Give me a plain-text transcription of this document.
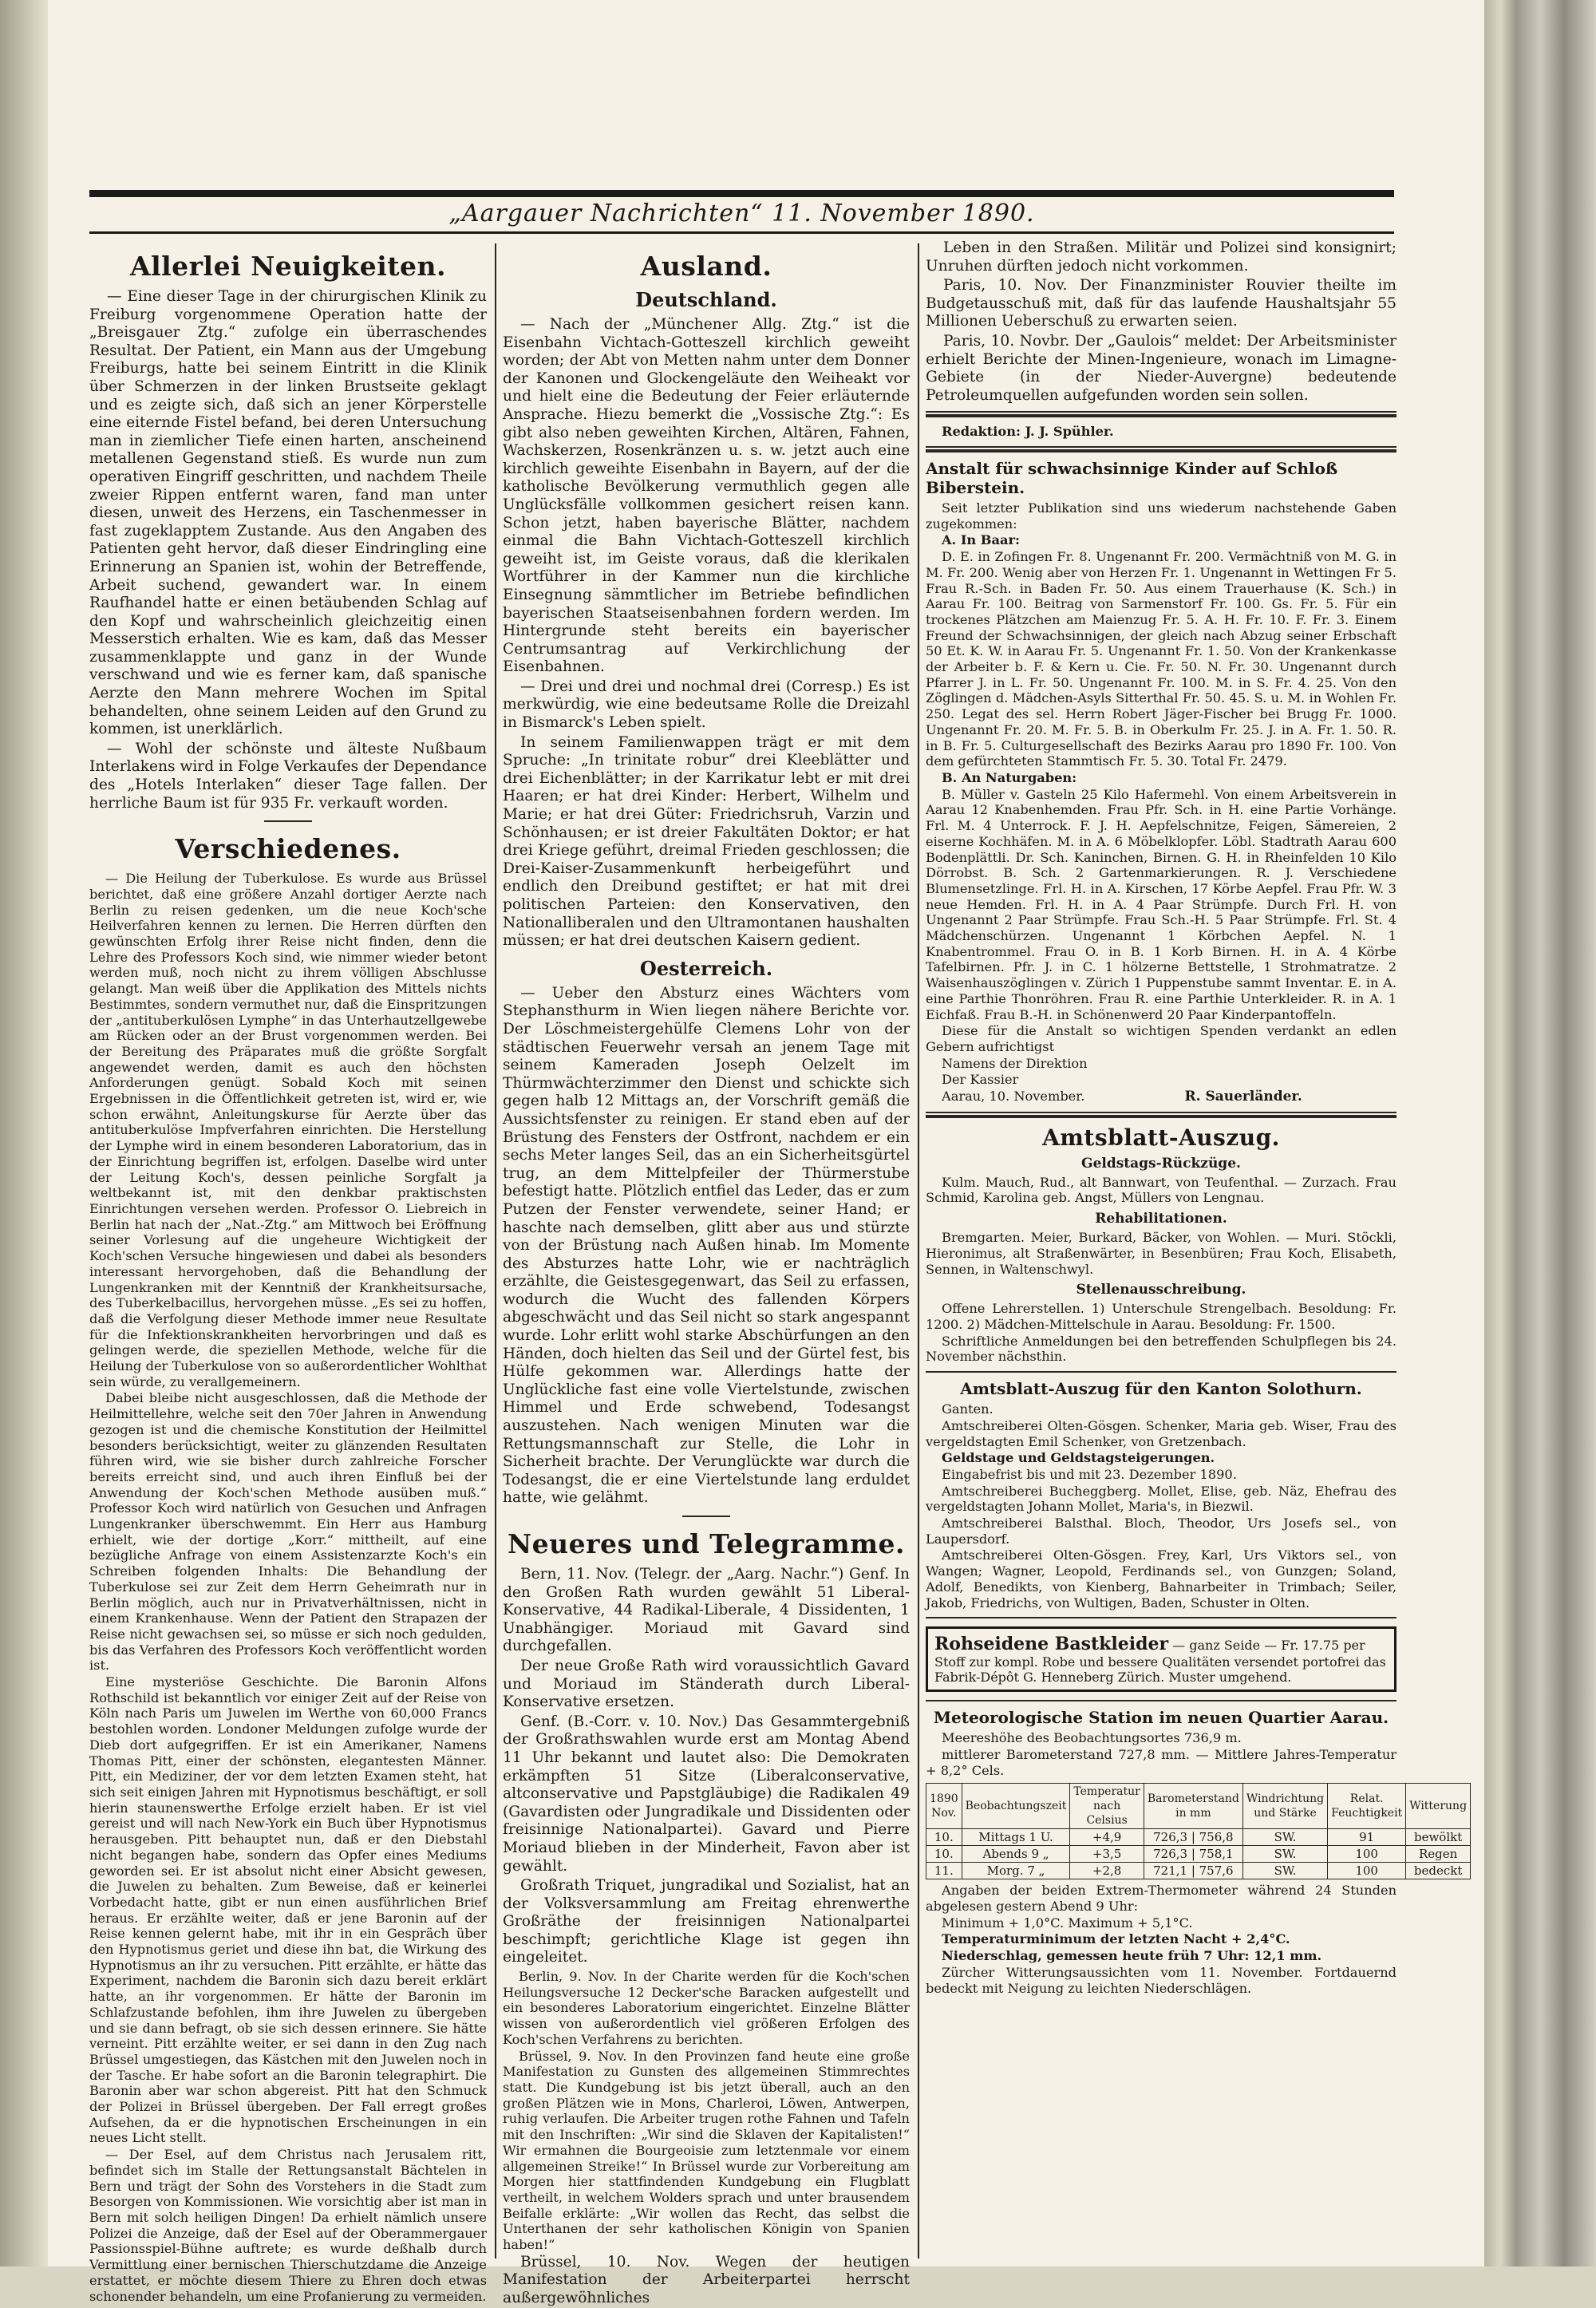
„Aargauer Nachrichten“ 11. November 1890.
Allerlei Neuigkeiten.

— Eine dieser Tage in der chirurgischen Klinik zu Freiburg vorgenommene Operation hatte der „Breisgauer Ztg.“ zufolge ein überraschendes Resultat. Der Patient, ein Mann aus der Umgebung Freiburgs, hatte bei seinem Eintritt in die Klinik über Schmerzen in der linken Brustseite geklagt und es zeigte sich, daß sich an jener Körperstelle eine eiternde Fistel befand, bei deren Untersuchung man in ziemlicher Tiefe einen harten, anscheinend metallenen Gegenstand stieß. Es wurde nun zum operativen Eingriff geschritten, und nachdem Theile zweier Rippen entfernt waren, fand man unter diesen, unweit des Herzens, ein Taschenmesser in fast zugeklapptem Zustande. Aus den Angaben des Patienten geht hervor, daß dieser Eindringling eine Erinnerung an Spanien ist, wohin der Betreffende, Arbeit suchend, gewandert war. In einem Raufhandel hatte er einen betäubenden Schlag auf den Kopf und wahrscheinlich gleichzeitig einen Messerstich erhalten. Wie es kam, daß das Messer zusammenklappte und ganz in der Wunde verschwand und wie es ferner kam, daß spanische Aerzte den Mann mehrere Wochen im Spital behandelten, ohne seinem Leiden auf den Grund zu kommen, ist unerklärlich.

— Wohl der schönste und älteste Nußbaum Interlakens wird in Folge Verkaufes der Dependance des „Hotels Interlaken“ dieser Tage fallen. Der herrliche Baum ist für 935 Fr. verkauft worden.

Verschiedenes.

— Die Heilung der Tuberkulose. Es wurde aus Brüssel berichtet, daß eine größere Anzahl dortiger Aerzte nach Berlin zu reisen gedenken, um die neue Koch'sche Heilverfahren kennen zu lernen. Die Herren dürften den gewünschten Erfolg ihrer Reise nicht finden, denn die Lehre des Professors Koch sind, wie nimmer wieder betont werden muß, noch nicht zu ihrem völligen Abschlusse gelangt. Man weiß über die Applikation des Mittels nichts Bestimmtes, sondern vermuthet nur, daß die Einspritzungen der „antituberkulösen Lymphe“ in das Unterhautzellgewebe am Rücken oder an der Brust vorgenommen werden. Bei der Bereitung des Präparates muß die größte Sorgfalt angewendet werden, damit es auch den höchsten Anforderungen genügt. Sobald Koch mit seinen Ergebnissen in die Öffentlichkeit getreten ist, wird er, wie schon erwähnt, Anleitungskurse für Aerzte über das antituberkulöse Impfverfahren einrichten. Die Herstellung der Lymphe wird in einem besonderen Laboratorium, das in der Einrichtung begriffen ist, erfolgen. Daselbe wird unter der Leitung Koch's, dessen peinliche Sorgfalt ja weltbekannt ist, mit den denkbar praktischsten Einrichtungen versehen werden. Professor O. Liebreich in Berlin hat nach der „Nat.-Ztg.“ am Mittwoch bei Eröffnung seiner Vorlesung auf die ungeheure Wichtigkeit der Koch'schen Versuche hingewiesen und dabei als besonders interessant hervorgehoben, daß die Behandlung der Lungenkranken mit der Kenntniß der Krankheitsursache, des Tuberkelbacillus, hervorgehen müsse. „Es sei zu hoffen, daß die Verfolgung dieser Methode immer neue Resultate für die Infektionskrankheiten hervorbringen und daß es gelingen werde, die speziellen Methode, welche für die Heilung der Tuberkulose von so außerordentlicher Wohlthat sein würde, zu verallgemeinern.

Dabei bleibe nicht ausgeschlossen, daß die Methode der Heilmittellehre, welche seit den 70er Jahren in Anwendung gezogen ist und die chemische Konstitution der Heilmittel besonders berücksichtigt, weiter zu glänzenden Resultaten führen wird, wie sie bisher durch zahlreiche Forscher bereits erreicht sind, und auch ihren Einfluß bei der Anwendung der Koch'schen Methode ausüben muß.“ Professor Koch wird natürlich von Gesuchen und Anfragen Lungenkranker überschwemmt. Ein Herr aus Hamburg erhielt, wie der dortige „Korr.“ mittheilt, auf eine bezügliche Anfrage von einem Assistenzarzte Koch's ein Schreiben folgenden Inhalts: Die Behandlung der Tuberkulose sei zur Zeit dem Herrn Geheimrath nur in Berlin möglich, auch nur in Privatverhältnissen, nicht in einem Krankenhause. Wenn der Patient den Strapazen der Reise nicht gewachsen sei, so müsse er sich noch gedulden, bis das Verfahren des Professors Koch veröffentlicht worden ist.

Eine mysteriöse Geschichte. Die Baronin Alfons Rothschild ist bekanntlich vor einiger Zeit auf der Reise von Köln nach Paris um Juwelen im Werthe von 60,000 Francs bestohlen worden. Londoner Meldungen zufolge wurde der Dieb dort aufgegriffen. Er ist ein Amerikaner, Namens Thomas Pitt, einer der schönsten, elegantesten Männer. Pitt, ein Mediziner, der vor dem letzten Examen steht, hat sich seit einigen Jahren mit Hypnotismus beschäftigt, er soll hierin staunenswerthe Erfolge erzielt haben. Er ist viel gereist und will nach New-York ein Buch über Hypnotismus herausgeben. Pitt behauptet nun, daß er den Diebstahl nicht begangen habe, sondern das Opfer eines Mediums geworden sei. Er ist absolut nicht einer Absicht gewesen, die Juwelen zu behalten. Zum Beweise, daß er keinerlei Vorbedacht hatte, gibt er nun einen ausführlichen Brief heraus. Er erzählte weiter, daß er jene Baronin auf der Reise kennen gelernt habe, mit ihr in ein Gespräch über den Hypnotismus geriet und diese ihn bat, die Wirkung des Hypnotismus an ihr zu versuchen. Pitt erzählte, er hätte das Experiment, nachdem die Baronin sich dazu bereit erklärt hatte, an ihr vorgenommen. Er hätte der Baronin im Schlafzustande befohlen, ihm ihre Juwelen zu übergeben und sie dann befragt, ob sie sich dessen erinnere. Sie hätte verneint. Pitt erzählte weiter, er sei dann in den Zug nach Brüssel umgestiegen, das Kästchen mit den Juwelen noch in der Tasche. Er habe sofort an die Baronin telegraphirt. Die Baronin aber war schon abgereist. Pitt hat den Schmuck der Polizei in Brüssel übergeben. Der Fall erregt großes Aufsehen, da er die hypnotischen Erscheinungen in ein neues Licht stellt.

— Der Esel, auf dem Christus nach Jerusalem ritt, befindet sich im Stalle der Rettungsanstalt Bächtelen in Bern und trägt der Sohn des Vorstehers in die Stadt zum Besorgen von Kommissionen. Wie vorsichtig aber ist man in Bern mit solch heiligen Dingen! Da erhielt nämlich unsere Polizei die Anzeige, daß der Esel auf der Oberammergauer Passionsspiel-Bühne auftrete; es wurde deßhalb durch Vermittlung einer bernischen Thierschutzdame die Anzeige erstattet, er möchte diesem Thiere zu Ehren doch etwas schonender behandeln, um eine Profanierung zu vermeiden.

Ausland.
Deutschland.

— Nach der „Münchener Allg. Ztg.“ ist die Eisenbahn Vichtach-Gotteszell kirchlich geweiht worden; der Abt von Metten nahm unter dem Donner der Kanonen und Glockengeläute den Weiheakt vor und hielt eine die Bedeutung der Feier erläuternde Ansprache. Hiezu bemerkt die „Vossische Ztg.“: Es gibt also neben geweihten Kirchen, Altären, Fahnen, Wachskerzen, Rosenkränzen u. s. w. jetzt auch eine kirchlich geweihte Eisenbahn in Bayern, auf der die katholische Bevölkerung vermuthlich gegen alle Unglücksfälle vollkommen gesichert reisen kann. Schon jetzt, haben bayerische Blätter, nachdem einmal die Bahn Vichtach-Gotteszell kirchlich geweiht ist, im Geiste voraus, daß die klerikalen Wortführer in der Kammer nun die kirchliche Einsegnung sämmtlicher im Betriebe befindlichen bayerischen Staatseisenbahnen fordern werden. Im Hintergrunde steht bereits ein bayerischer Centrumsantrag auf Verkirchlichung der Eisenbahnen.

— Drei und drei und nochmal drei (Corresp.) Es ist merkwürdig, wie eine bedeutsame Rolle die Dreizahl in Bismarck's Leben spielt.

In seinem Familienwappen trägt er mit dem Spruche: „In trinitate robur“ drei Kleeblätter und drei Eichenblätter; in der Karrikatur lebt er mit drei Haaren; er hat drei Kinder: Herbert, Wilhelm und Marie; er hat drei Güter: Friedrichsruh, Varzin und Schönhausen; er ist dreier Fakultäten Doktor; er hat drei Kriege geführt, dreimal Frieden geschlossen; die Drei-Kaiser-Zusammenkunft herbeigeführt und endlich den Dreibund gestiftet; er hat mit drei politischen Parteien: den Konservativen, den Nationalliberalen und den Ultramontanen haushalten müssen; er hat drei deutschen Kaisern gedient.

Oesterreich.

— Ueber den Absturz eines Wächters vom Stephansthurm in Wien liegen nähere Berichte vor. Der Löschmeistergehülfe Clemens Lohr von der städtischen Feuerwehr versah an jenem Tage mit seinem Kameraden Joseph Oelzelt im Thürmwächterzimmer den Dienst und schickte sich gegen halb 12 Mittags an, der Vorschrift gemäß die Aussichtsfenster zu reinigen. Er stand eben auf der Brüstung des Fensters der Ostfront, nachdem er ein sechs Meter langes Seil, das an ein Sicherheitsgürtel trug, an dem Mittelpfeiler der Thürmerstube befestigt hatte. Plötzlich entfiel das Leder, das er zum Putzen der Fenster verwendete, seiner Hand; er haschte nach demselben, glitt aber aus und stürzte von der Brüstung nach Außen hinab. Im Momente des Absturzes hatte Lohr, wie er nachträglich erzählte, die Geistesgegenwart, das Seil zu erfassen, wodurch die Wucht des fallenden Körpers abgeschwächt und das Seil nicht so stark angespannt wurde. Lohr erlitt wohl starke Abschürfungen an den Händen, doch hielten das Seil und der Gürtel fest, bis Hülfe gekommen war. Allerdings hatte der Unglückliche fast eine volle Viertelstunde, zwischen Himmel und Erde schwebend, Todesangst auszustehen. Nach wenigen Minuten war die Rettungsmannschaft zur Stelle, die Lohr in Sicherheit brachte. Der Verunglückte war durch die Todesangst, die er eine Viertelstunde lang erduldet hatte, wie gelähmt.

Neueres und Telegramme.

Bern, 11. Nov. (Telegr. der „Aarg. Nachr.“) Genf. In den Großen Rath wurden gewählt 51 Liberal-Konservative, 44 Radikal-Liberale, 4 Dissidenten, 1 Unabhängiger. Moriaud mit Gavard sind durchgefallen.

Der neue Große Rath wird voraussichtlich Gavard und Moriaud im Ständerath durch Liberal-Konservative ersetzen.

Genf. (B.-Corr. v. 10. Nov.) Das Gesammtergebniß der Großrathswahlen wurde erst am Montag Abend 11 Uhr bekannt und lautet also: Die Demokraten erkämpften 51 Sitze (Liberalconservative, altconservative und Papstgläubige) die Radikalen 49 (Gavardisten oder Jungradikale und Dissidenten oder freisinnige Nationalpartei). Gavard und Pierre Moriaud blieben in der Minderheit, Favon aber ist gewählt.

Großrath Triquet, jungradikal und Sozialist, hat an der Volksversammlung am Freitag ehrenwerthe Großräthe der freisinnigen Nationalpartei beschimpft; gerichtliche Klage ist gegen ihn eingeleitet.

Berlin, 9. Nov. In der Charite werden für die Koch'schen Heilungsversuche 12 Decker'sche Baracken aufgestellt und ein besonderes Laboratorium eingerichtet. Einzelne Blätter wissen von außerordentlich viel größeren Erfolgen des Koch'schen Verfahrens zu berichten.

Brüssel, 9. Nov. In den Provinzen fand heute eine große Manifestation zu Gunsten des allgemeinen Stimmrechtes statt. Die Kundgebung ist bis jetzt überall, auch an den großen Plätzen wie in Mons, Charleroi, Löwen, Antwerpen, ruhig verlaufen. Die Arbeiter trugen rothe Fahnen und Tafeln mit den Inschriften: „Wir sind die Sklaven der Kapitalisten!“ Wir ermahnen die Bourgeoisie zum letztenmale vor einem allgemeinen Streike!“ In Brüssel wurde zur Vorbereitung am Morgen hier stattfindenden Kundgebung ein Flugblatt vertheilt, in welchem Wolders sprach und unter brausendem Beifalle erklärte: „Wir wollen das Recht, das selbst die Unterthanen der sehr katholischen Königin von Spanien haben!“

Brüssel, 10. Nov. Wegen der heutigen Manifestation der Arbeiterpartei herrscht außergewöhnliches

Leben in den Straßen. Militär und Polizei sind konsignirt; Unruhen dürften jedoch nicht vorkommen.

Paris, 10. Nov. Der Finanzminister Rouvier theilte im Budgetausschuß mit, daß für das laufende Haushaltsjahr 55 Millionen Ueberschuß zu erwarten seien.

Paris, 10. Novbr. Der „Gaulois“ meldet: Der Arbeitsminister erhielt Berichte der Minen-Ingenieure, wonach im Limagne-Gebiete (in der Nieder-Auvergne) bedeutende Petroleumquellen aufgefunden worden sein sollen.

Redaktion: J. J. Spühler.

Anstalt für schwachsinnige Kinder auf Schloß Biberstein.

Seit letzter Publikation sind uns wiederum nachstehende Gaben zugekommen:

A. In Baar:

D. E. in Zofingen Fr. 8. Ungenannt Fr. 200. Vermächtniß von M. G. in M. Fr. 200. Wenig aber von Herzen Fr. 1. Ungenannt in Wettingen Fr 5. Frau R.-Sch. in Baden Fr. 50. Aus einem Trauerhause (K. Sch.) in Aarau Fr. 100. Beitrag von Sarmenstorf Fr. 100. Gs. Fr. 5. Für ein trockenes Plätzchen am Maienzug Fr. 5. A. H. Fr. 10. F. Fr. 3. Einem Freund der Schwachsinnigen, der gleich nach Abzug seiner Erbschaft 50 Et. K. W. in Aarau Fr. 5. Ungenannt Fr. 1. 50. Von der Krankenkasse der Arbeiter b. F. & Kern u. Cie. Fr. 50. N. Fr. 30. Ungenannt durch Pfarrer J. in L. Fr. 50. Ungenannt Fr. 100. M. in S. Fr. 4. 25. Von den Zöglingen d. Mädchen-Asyls Sitterthal Fr. 50. 45. S. u. M. in Wohlen Fr. 250. Legat des sel. Herrn Robert Jäger-Fischer bei Brugg Fr. 1000. Ungenannt Fr. 20. M. Fr. 5. B. in Oberkulm Fr. 25. J. in A. Fr. 1. 50. R. in B. Fr. 5. Culturgesellschaft des Bezirks Aarau pro 1890 Fr. 100. Von dem gefürchteten Stammtisch Fr. 5. 30. Total Fr. 2479.

B. An Naturgaben:

B. Müller v. Gasteln 25 Kilo Hafermehl. Von einem Arbeitsverein in Aarau 12 Knabenhemden. Frau Pfr. Sch. in H. eine Partie Vorhänge. Frl. M. 4 Unterrock. F. J. H. Aepfelschnitze, Feigen, Sämereien, 2 eiserne Kochhäfen. M. in A. 6 Möbelklopfer. Löbl. Stadtrath Aarau 600 Bodenplättli. Dr. Sch. Kaninchen, Birnen. G. H. in Rheinfelden 10 Kilo Dörrobst. B. Sch. 2 Gartenmarkierungen. R. J. Verschiedene Blumensetzlinge. Frl. H. in A. Kirschen, 17 Körbe Aepfel. Frau Pfr. W. 3 neue Hemden. Frl. H. in A. 4 Paar Strümpfe. Durch Frl. H. von Ungenannt 2 Paar Strümpfe. Frau Sch.-H. 5 Paar Strümpfe. Frl. St. 4 Mädchenschürzen. Ungenannt 1 Körbchen Aepfel. N. 1 Knabentrommel. Frau O. in B. 1 Korb Birnen. H. in A. 4 Körbe Tafelbirnen. Pfr. J. in C. 1 hölzerne Bettstelle, 1 Strohmatratze. 2 Waisenhauszöglingen v. Zürich 1 Puppenstube sammt Inventar. E. in A. eine Parthie Thonröhren. Frau R. eine Parthie Unterkleider. R. in A. 1 Eichfaß. Frau B.-H. in Schönenwerd 20 Paar Kinderpantoffeln.

Diese für die Anstalt so wichtigen Spenden verdankt an edlen Gebern aufrichtigst

Namens der Direktion

Der Kassier

Aarau, 10. November.	R. Sauerländer.
Amtsblatt-Auszug.
Geldstags-Rückzüge.

Kulm. Mauch, Rud., alt Bannwart, von Teufenthal. — Zurzach. Frau Schmid, Karolina geb. Angst, Müllers von Lengnau.

Rehabilitationen.

Bremgarten. Meier, Burkard, Bäcker, von Wohlen. — Muri. Stöckli, Hieronimus, alt Straßenwärter, in Besenbüren; Frau Koch, Elisabeth, Sennen, in Waltenschwyl.

Stellenausschreibung.

Offene Lehrerstellen. 1) Unterschule Strengelbach. Besoldung: Fr. 1200. 2) Mädchen-Mittelschule in Aarau. Besoldung: Fr. 1500.

Schriftliche Anmeldungen bei den betreffenden Schulpflegen bis 24. November nächsthin.

Amtsblatt-Auszug für den Kanton Solothurn.

Ganten.

Amtschreiberei Olten-Gösgen. Schenker, Maria geb. Wiser, Frau des vergeldstagten Emil Schenker, von Gretzenbach.

Geldstage und Geldstagsteigerungen.

Eingabefrist bis und mit 23. Dezember 1890.

Amtschreiberei Bucheggberg. Mollet, Elise, geb. Näz, Ehefrau des vergeldstagten Johann Mollet, Maria's, in Biezwil.

Amtschreiberei Balsthal. Bloch, Theodor, Urs Josefs sel., von Laupersdorf.

Amtschreiberei Olten-Gösgen. Frey, Karl, Urs Viktors sel., von Wangen; Wagner, Leopold, Ferdinands sel., von Gunzgen; Soland, Adolf, Benedikts, von Kienberg, Bahnarbeiter in Trimbach; Seiler, Jakob, Friedrichs, von Wultigen, Baden, Schuster in Olten.

Rohseidene Bastkleider — ganz Seide — Fr. 17.75 per Stoff zur kompl. Robe und bessere Qualitäten versendet portofrei das Fabrik-Dépôt G. Henneberg Zürich. Muster umgehend.
Meteorologische Station im neuen Quartier Aarau.

Meereshöhe des Beobachtungsortes 736,9 m.

mittlerer Barometerstand 727,8 mm. — Mittlere Jahres-Temperatur + 8,2° Cels.

1890 Nov.	Beobachtungszeit	Temperatur nach Celsius	Barometerstand in mm	Windrichtung und Stärke	Relat. Feuchtigkeit	Witterung
10.	Mittags 1 U.	+4,9	726,3 | 756,8	SW.	91	bewölkt
10.	Abends 9 „	+3,5	726,3 | 758,1	SW.	100	Regen
11.	Morg. 7 „	+2,8	721,1 | 757,6	SW.	100	bedeckt

Angaben der beiden Extrem-Thermometer während 24 Stunden abgelesen gestern Abend 9 Uhr:

Minimum + 1,0°C. Maximum + 5,1°C.

Temperaturminimum der letzten Nacht + 2,4°C.

Niederschlag, gemessen heute früh 7 Uhr: 12,1 mm.

Zürcher Witterungsaussichten vom 11. November. Fortdauernd bedeckt mit Neigung zu leichten Niederschlägen.
